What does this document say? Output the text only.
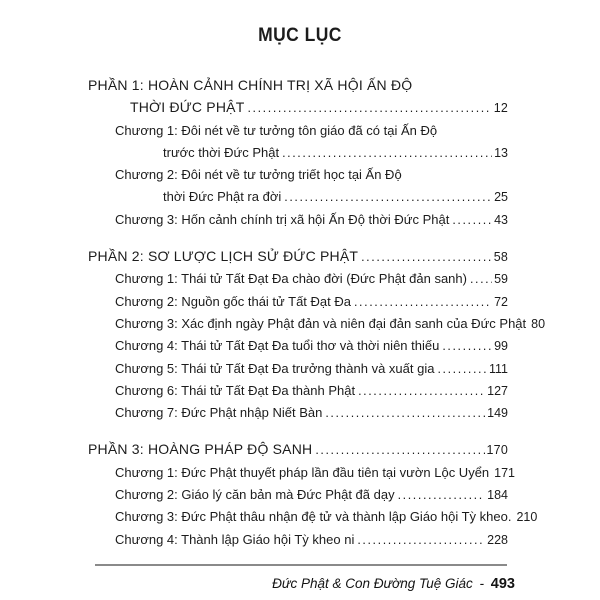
MỤC LỤC
PHẦN 1: HOÀN CẢNH CHÍNH TRỊ XÃ HỘI ẤN ĐỘ
THỜI ĐỨC PHẬT .....	12
Chương 1: Đôi nét về tư tưởng tôn giáo đã có tại Ấn Độ
trước thời Đức Phật .....	13
Chương 2: Đôi nét về tư tưởng triết học tại Ấn Độ
thời Đức Phật ra đời .....	25
Chương 3: Hốn cảnh chính trị xã hội Ấn Độ thời Đức Phật .....	43
PHẦN 2: SƠ LƯỢC LỊCH SỬ ĐỨC PHẬT .....	58
Chương 1: Thái tử Tất Đạt Đa chào đời (Đức Phật đản sanh) ..... 59
Chương 2: Nguồn gốc thái tử Tất Đạt Đa .....	72
Chương 3: Xác định ngày Phật đản và niên đại đản sanh của Đức Phật 80
Chương 4: Thái tử Tất Đạt Đa tuổi thơ và thời niên thiếu .....	99
Chương 5: Thái tử Tất Đạt Đa trưởng thành và xuất gia .....	111
Chương 6: Thái tử Tất Đạt Đa thành Phật .....	127
Chương 7: Đức Phật nhập Niết Bàn .....	149
PHẦN 3: HOÀNG PHÁP ĐỘ SANH .....	170
Chương 1: Đức Phật thuyết pháp lần đầu tiên tại vườn Lộc Uyển 171
Chương 2: Giáo lý căn bản mà Đức Phật đã dạy .....	184
Chương 3: Đức Phật thâu nhận đệ tử và thành lập Giáo hội Tỳ kheo. 210
Chương 4: Thành lập Giáo hội Tỳ kheo ni .....	228
Đức Phật & Con Đường Tuệ Giác - 493
